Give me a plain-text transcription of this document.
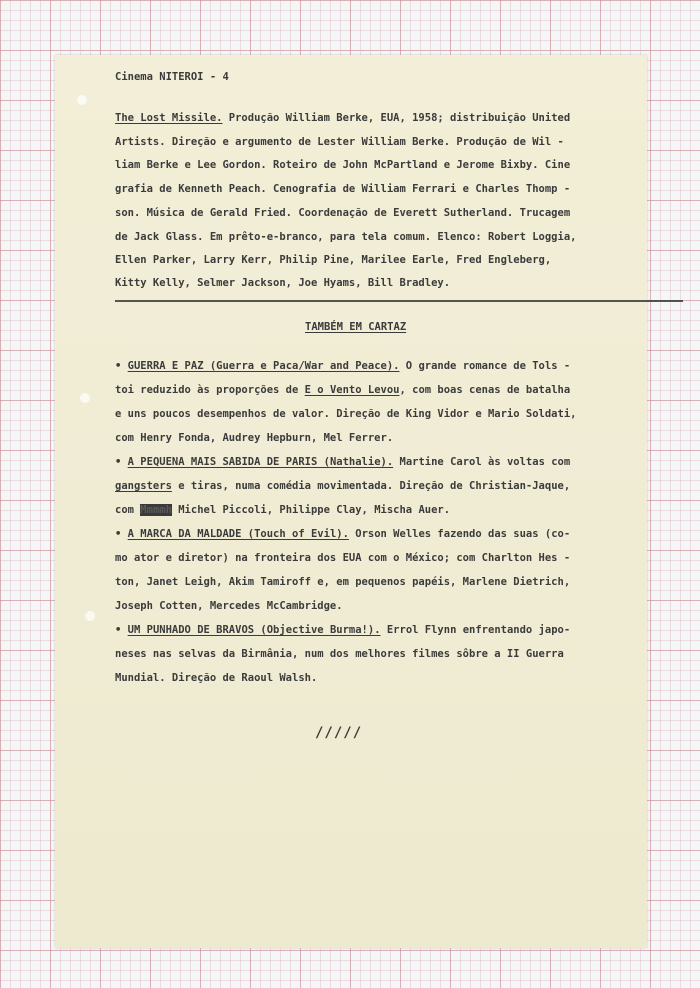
Cinema NITEROI - 4
The Lost Missile. Produção William Berke, EUA, 1958; distribuição United
Artists. Direção e argumento de Lester William Berke. Produção de Wil -
liam Berke e Lee Gordon. Roteiro de John McPartland e Jerome Bixby. Cine
grafia de Kenneth Peach. Cenografia de William Ferrari e Charles Thomp -
son. Música de Gerald Fried. Coordenação de Everett Sutherland. Trucagem
de Jack Glass. Em prêto-e-branco, para tela comum. Elenco: Robert Loggia,
Ellen Parker, Larry Kerr, Philip Pine, Marilee Earle, Fred Engleberg,
Kitty Kelly, Selmer Jackson, Joe Hyams, Bill Bradley.
TAMBÉM EM CARTAZ
• GUERRA E PAZ (Guerra e Paca/War and Peace). O grande romance de Tols -
toi reduzido às proporções de E o Vento Levou, com boas cenas de batalha
e uns poucos desempenhos de valor. Direção de King Vidor e Mario Soldati,
com Henry Fonda, Audrey Hepburn, Mel Ferrer.
• A PEQUENA MAIS SABIDA DE PARIS (Nathalie). Martine Carol às voltas com
gangsters e tiras, numa comédia movimentada. Direção de Christian-Jaque,
com Mmmmh Michel Piccoli, Philippe Clay, Mischa Auer.
• A MARCA DA MALDADE (Touch of Evil). Orson Welles fazendo das suas (co-
mo ator e diretor) na fronteira dos EUA com o México; com Charlton Hes -
ton, Janet Leigh, Akim Tamiroff e, em pequenos papéis, Marlene Dietrich,
Joseph Cotten, Mercedes McCambridge.
• UM PUNHADO DE BRAVOS (Objective Burma!). Errol Flynn enfrentando japo-
neses nas selvas da Birmânia, num dos melhores filmes sôbre a II Guerra
Mundial. Direção de Raoul Walsh.
/////
